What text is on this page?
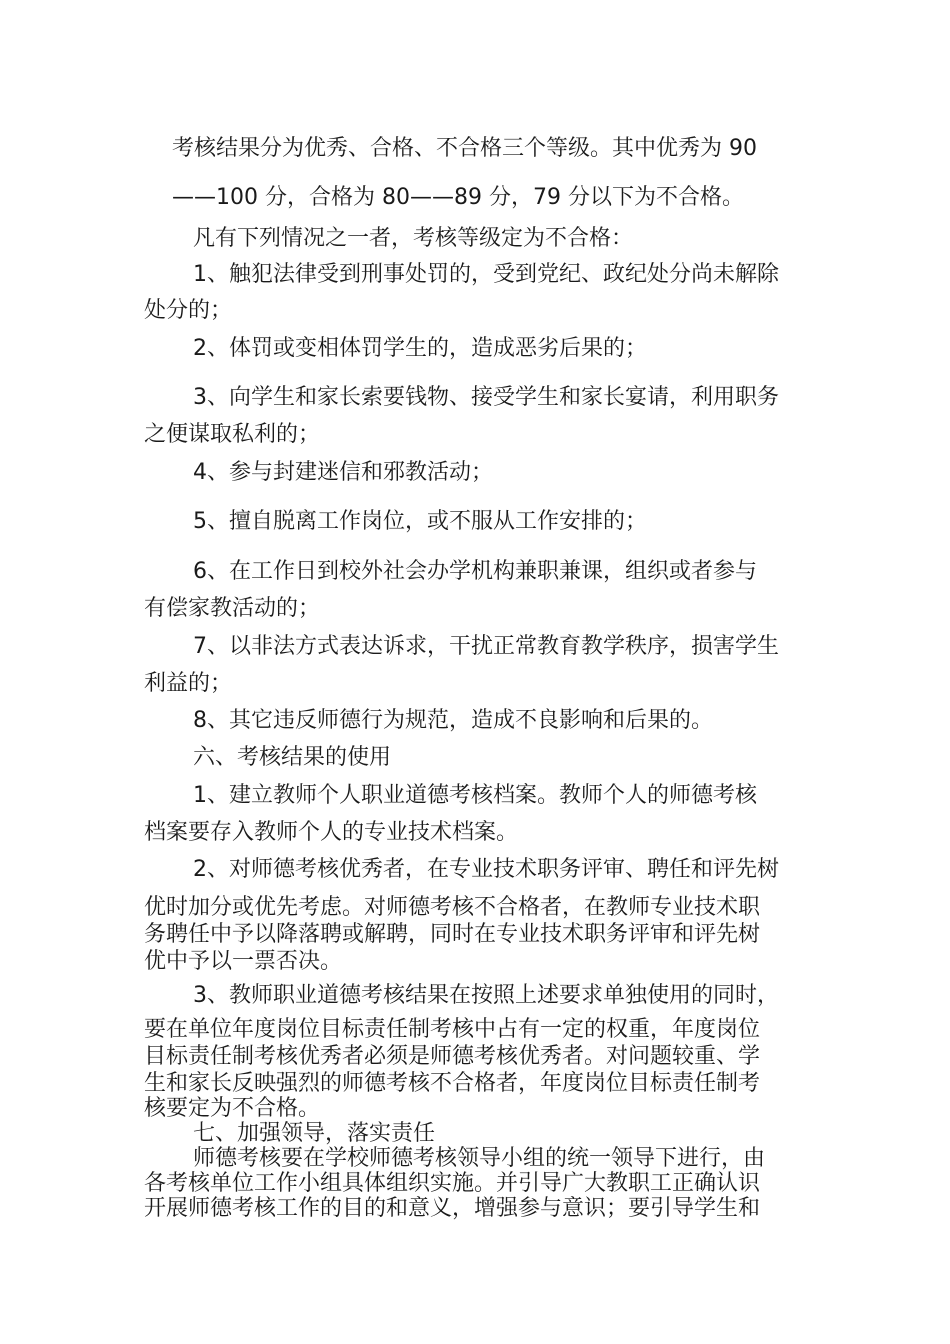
考核结果分为优秀、合格、不合格三个等级。其中优秀为 90

——100 分，合格为 80——89 分，79 分以下为不合格。

凡有下列情况之一者，考核等级定为不合格：

1、触犯法律受到刑事处罚的，受到党纪、政纪处分尚未解除

处分的；

2、体罚或变相体罚学生的，造成恶劣后果的；

3、向学生和家长索要钱物、接受学生和家长宴请，利用职务

之便谋取私利的；

4、参与封建迷信和邪教活动；

5、擅自脱离工作岗位，或不服从工作安排的；

6、在工作日到校外社会办学机构兼职兼课，组织或者参与

有偿家教活动的；

7、以非法方式表达诉求，干扰正常教育教学秩序，损害学生

利益的；

8、其它违反师德行为规范，造成不良影响和后果的。

六、考核结果的使用

1、建立教师个人职业道德考核档案。教师个人的师德考核

档案要存入教师个人的专业技术档案。

2、对师德考核优秀者，在专业技术职务评审、聘任和评先树

优时加分或优先考虑。对师德考核不合格者，在教师专业技术职

务聘任中予以降落聘或解聘，同时在专业技术职务评审和评先树

优中予以一票否决。

3、教师职业道德考核结果在按照上述要求单独使用的同时，

要在单位年度岗位目标责任制考核中占有一定的权重，年度岗位

目标责任制考核优秀者必须是师德考核优秀者。对问题较重、学

生和家长反映强烈的师德考核不合格者，年度岗位目标责任制考

核要定为不合格。

七、加强领导，落实责任

师德考核要在学校师德考核领导小组的统一领导下进行，由

各考核单位工作小组具体组织实施。并引导广大教职工正确认识

开展师德考核工作的目的和意义，增强参与意识；要引导学生和
